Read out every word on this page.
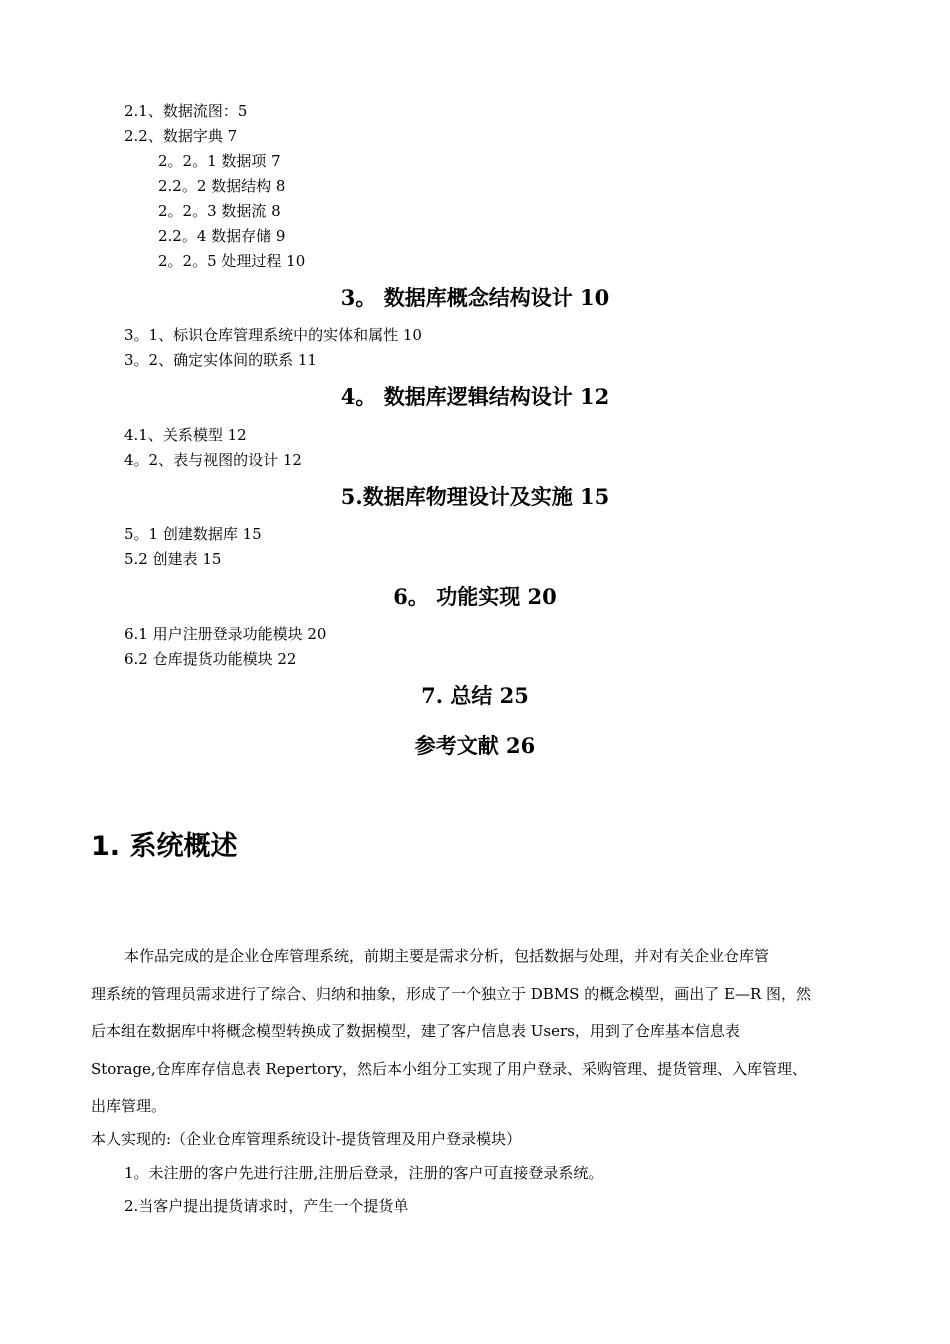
2.1、数据流图：5
2.2、数据字典 7
2。2。1 数据项 7
2.2。2 数据结构 8
2。2。3 数据流 8
2.2。4 数据存储 9
2。2。5 处理过程 10
3。 数据库概念结构设计 10
3。1、标识仓库管理系统中的实体和属性 10
3。2、确定实体间的联系 11
4。 数据库逻辑结构设计 12
4.1、关系模型 12
4。2、表与视图的设计 12
5.数据库物理设计及实施 15
5。1 创建数据库 15
5.2 创建表 15
6。 功能实现 20
6.1 用户注册登录功能模块 20
6.2 仓库提货功能模块 22
7. 总结 25
参考文献 26
1. 系统概述
本作品完成的是企业仓库管理系统，前期主要是需求分析，包括数据与处理，并对有关企业仓库管
理系统的管理员需求进行了综合、归纳和抽象，形成了一个独立于 DBMS 的概念模型，画出了 E—R 图，然
后本组在数据库中将概念模型转换成了数据模型，建了客户信息表 Users，用到了仓库基本信息表
Storage,仓库库存信息表 Repertory，然后本小组分工实现了用户登录、采购管理、提货管理、入库管理、
出库管理。
本人实现的:（企业仓库管理系统设计-提货管理及用户登录模块）
1。未注册的客户先进行注册,注册后登录，注册的客户可直接登录系统。
2.当客户提出提货请求时，产生一个提货单
